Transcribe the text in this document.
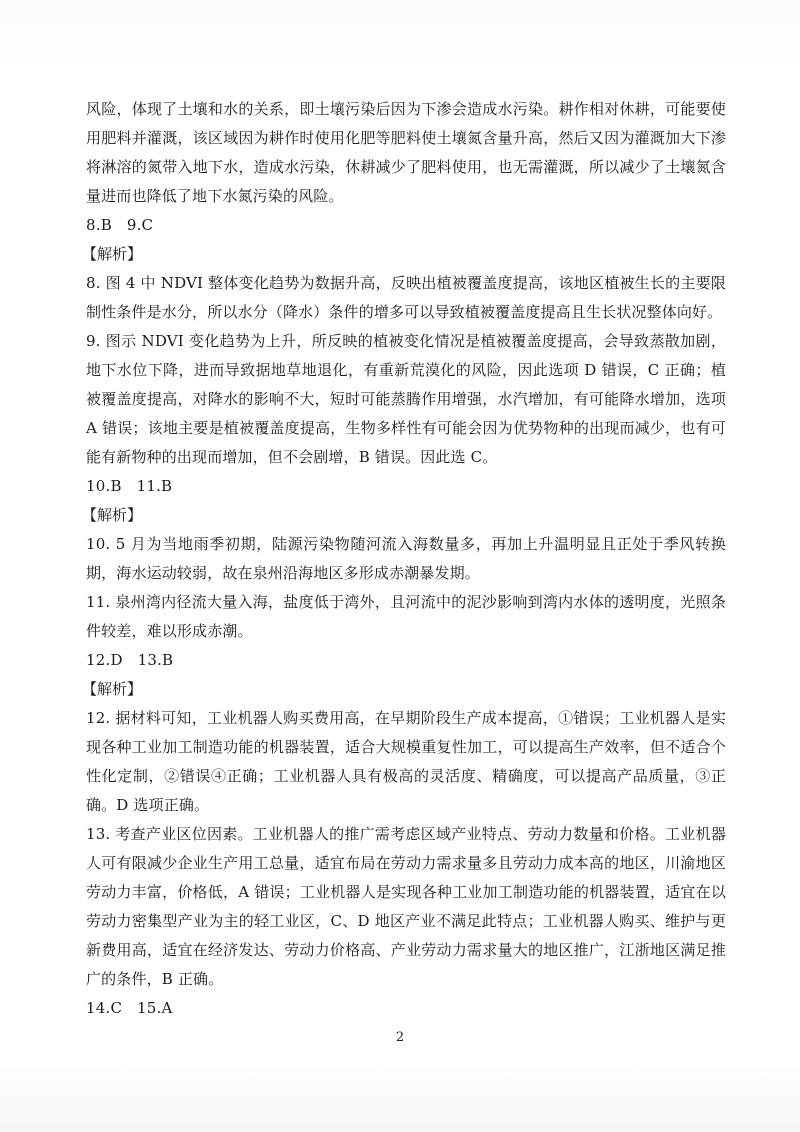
风险，体现了土壤和水的关系，即土壤污染后因为下渗会造成水污染。耕作相对休耕，可能要使用肥料并灌溉，该区域因为耕作时使用化肥等肥料使土壤氮含量升高，然后又因为灌溉加大下渗将淋溶的氮带入地下水，造成水污染，休耕减少了肥料使用，也无需灌溉，所以减少了土壤氮含量进而也降低了地下水氮污染的风险。

8.B   9.C

【解析】

8. 图 4 中 NDVI 整体变化趋势为数据升高，反映出植被覆盖度提高，该地区植被生长的主要限制性条件是水分，所以水分（降水）条件的增多可以导致植被覆盖度提高且生长状况整体向好。

9. 图示 NDVI 变化趋势为上升，所反映的植被变化情况是植被覆盖度提高，会导致蒸散加剧，地下水位下降，进而导致据地草地退化，有重新荒漠化的风险，因此选项 D 错误，C 正确；植被覆盖度提高，对降水的影响不大，短时可能蒸腾作用增强，水汽增加，有可能降水增加，选项 A 错误；该地主要是植被覆盖度提高，生物多样性有可能会因为优势物种的出现而减少，也有可能有新物种的出现而增加，但不会剧增，B 错误。因此选 C。

10.B   11.B

【解析】

10. 5 月为当地雨季初期，陆源污染物随河流入海数量多，再加上升温明显且正处于季风转换期，海水运动较弱，故在泉州沿海地区多形成赤潮暴发期。

11. 泉州湾内径流大量入海，盐度低于湾外，且河流中的泥沙影响到湾内水体的透明度，光照条件较差，难以形成赤潮。

12.D   13.B

【解析】

12. 据材料可知，工业机器人购买费用高，在早期阶段生产成本提高，①错误；工业机器人是实现各种工业加工制造功能的机器装置，适合大规模重复性加工，可以提高生产效率，但不适合个性化定制，②错误④正确；工业机器人具有极高的灵活度、精确度，可以提高产品质量，③正确。D 选项正确。

13. 考查产业区位因素。工业机器人的推广需考虑区域产业特点、劳动力数量和价格。工业机器人可有限减少企业生产用工总量，适宜布局在劳动力需求量多且劳动力成本高的地区，川渝地区劳动力丰富，价格低，A 错误；工业机器人是实现各种工业加工制造功能的机器装置，适宜在以劳动力密集型产业为主的轻工业区，C、D 地区产业不满足此特点；工业机器人购买、维护与更新费用高，适宜在经济发达、劳动力价格高、产业劳动力需求量大的地区推广，江浙地区满足推广的条件，B 正确。

14.C   15.A

2
